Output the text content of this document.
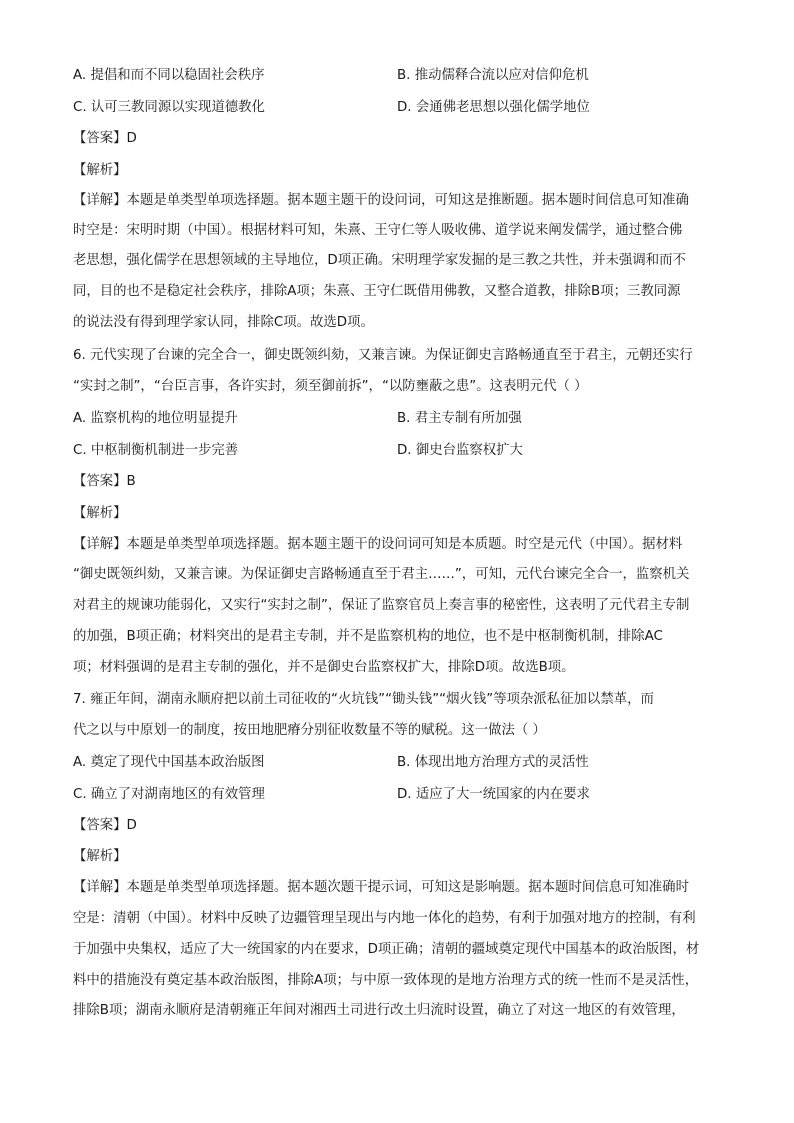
A. 提倡和而不同以稳固社会秩序	B. 推动儒释合流以应对信仰危机
C. 认可三教同源以实现道德教化	D. 会通佛老思想以强化儒学地位
【答案】D
【解析】
【详解】本题是单类型单项选择题。据本题主题干的设问词，可知这是推断题。据本题时间信息可知准确
时空是：宋明时期（中国）。根据材料可知，朱熹、王守仁等人吸收佛、道学说来阐发儒学，通过整合佛
老思想，强化儒学在思想领域的主导地位，D项正确。宋明理学家发掘的是三教之共性，并未强调和而不
同，目的也不是稳定社会秩序，排除A项；朱熹、王守仁既借用佛教，又整合道教，排除B项；三教同源
的说法没有得到理学家认同，排除C项。故选D项。
6. 元代实现了台谏的完全合一，御史既领纠劾，又兼言谏。为保证御史言路畅通直至于君主，元朝还实行
“实封之制”，“台臣言事，各许实封，须至御前拆”，“以防壅蔽之患”。这表明元代（ ）
A. 监察机构的地位明显提升	B. 君主专制有所加强
C. 中枢制衡机制进一步完善	D. 御史台监察权扩大
【答案】B
【解析】
【详解】本题是单类型单项选择题。据本题主题干的设问词可知是本质题。时空是元代（中国）。据材料
“御史既领纠劾，又兼言谏。为保证御史言路畅通直至于君主……”，可知，元代台谏完全合一，监察机关
对君主的规谏功能弱化，又实行“实封之制”，保证了监察官员上奏言事的秘密性，这表明了元代君主专制
的加强，B项正确；材料突出的是君主专制，并不是监察机构的地位，也不是中枢制衡机制，排除AC
项；材料强调的是君主专制的强化，并不是御史台监察权扩大，排除D项。故选B项。
7. 雍正年间，湖南永顺府把以前土司征收的“火坑钱”“锄头钱”“烟火钱”等项杂派私征加以禁革，而
代之以与中原划一的制度，按田地肥瘠分别征收数量不等的赋税。这一做法（ ）
A. 奠定了现代中国基本政治版图	B. 体现出地方治理方式的灵活性
C. 确立了对湖南地区的有效管理	D. 适应了大一统国家的内在要求
【答案】D
【解析】
【详解】本题是单类型单项选择题。据本题次题干提示词，可知这是影响题。据本题时间信息可知准确时
空是：清朝（中国）。材料中反映了边疆管理呈现出与内地一体化的趋势，有利于加强对地方的控制，有利
于加强中央集权，适应了大一统国家的内在要求，D项正确；清朝的疆域奠定现代中国基本的政治版图，材
料中的措施没有奠定基本政治版图，排除A项；与中原一致体现的是地方治理方式的统一性而不是灵活性，
排除B项；湖南永顺府是清朝雍正年间对湘西土司进行改土归流时设置，确立了对这一地区的有效管理，
